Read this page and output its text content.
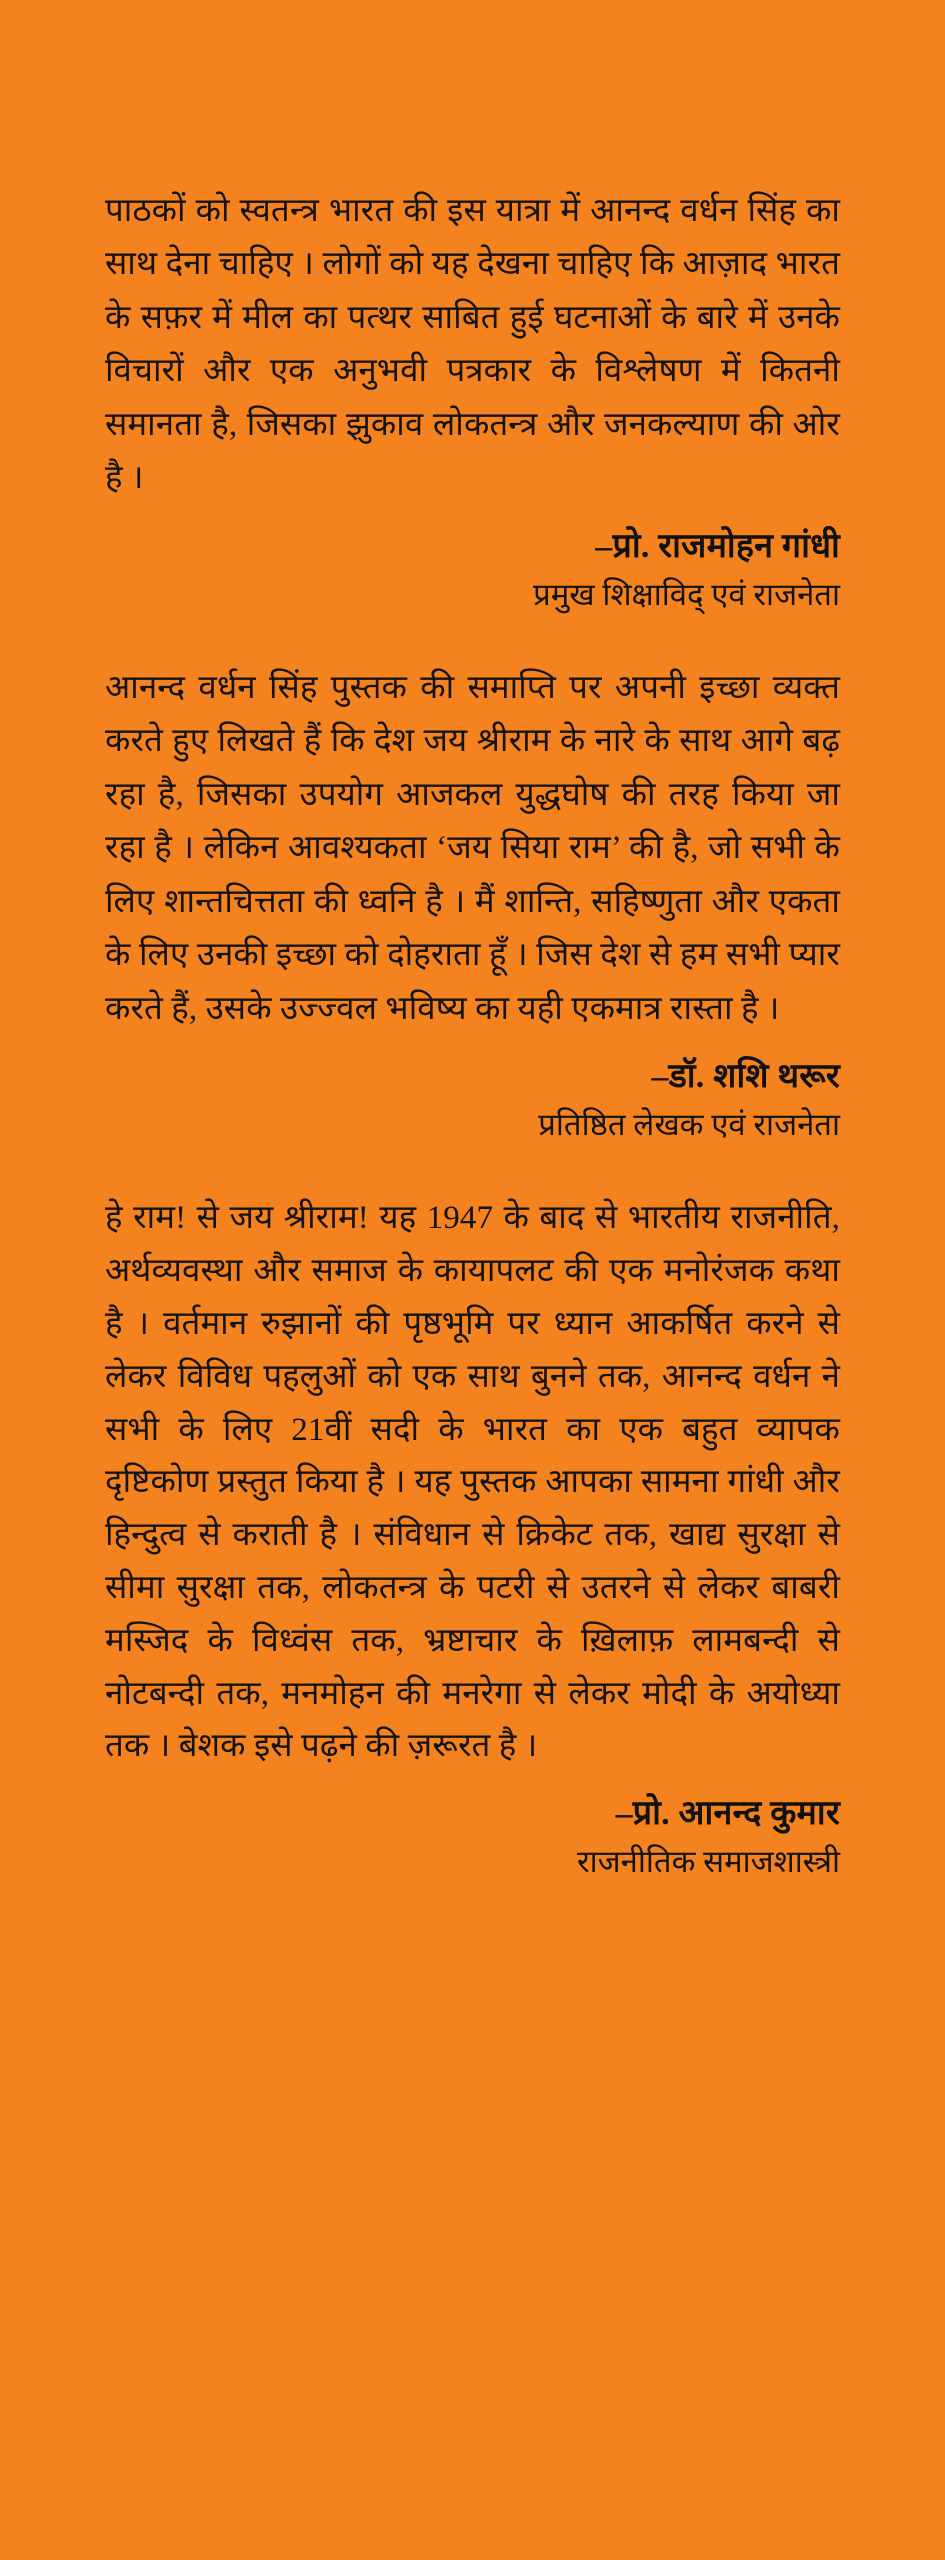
पाठकों को स्वतन्त्र भारत की इस यात्रा में आनन्द वर्धन सिंह का साथ देना चाहिए । लोगों को यह देखना चाहिए कि आज़ाद भारत के सफ़र में मील का पत्थर साबित हुई घटनाओं के बारे में उनके विचारों और एक अनुभवी पत्रकार के विश्लेषण में कितनी समानता है, जिसका झुकाव लोकतन्त्र और जनकल्याण की ओर है ।
–प्रो. राजमोहन गांधी
प्रमुख शिक्षाविद् एवं राजनेता
आनन्द वर्धन सिंह पुस्तक की समाप्ति पर अपनी इच्छा व्यक्त करते हुए लिखते हैं कि देश जय श्रीराम के नारे के साथ आगे बढ़ रहा है, जिसका उपयोग आजकल युद्धघोष की तरह किया जा रहा है । लेकिन आवश्यकता ‘जय सिया राम’ की है, जो सभी के लिए शान्तचित्तता की ध्वनि है । मैं शान्ति, सहिष्णुता और एकता के लिए उनकी इच्छा को दोहराता हूँ । जिस देश से हम सभी प्यार करते हैं, उसके उज्ज्वल भविष्य का यही एकमात्र रास्ता है ।
–डॉ. शशि थरूर
प्रतिष्ठित लेखक एवं राजनेता
हे राम! से जय श्रीराम! यह 1947 के बाद से भारतीय राजनीति, अर्थव्यवस्था और समाज के कायापलट की एक मनोरंजक कथा है । वर्तमान रुझानों की पृष्ठभूमि पर ध्यान आकर्षित करने से लेकर विविध पहलुओं को एक साथ बुनने तक, आनन्द वर्धन ने सभी के लिए 21वीं सदी के भारत का एक बहुत व्यापक दृष्टिकोण प्रस्तुत किया है । यह पुस्तक आपका सामना गांधी और हिन्दुत्व से कराती है । संविधान से क्रिकेट तक, खाद्य सुरक्षा से सीमा सुरक्षा तक, लोकतन्त्र के पटरी से उतरने से लेकर बाबरी मस्जिद के विध्वंस तक, भ्रष्टाचार के ख़िलाफ़ लामबन्दी से नोटबन्दी तक, मनमोहन की मनरेगा से लेकर मोदी के अयोध्या तक । बेशक इसे पढ़ने की ज़रूरत है ।
–प्रो. आनन्द कुमार
राजनीतिक समाजशास्त्री
